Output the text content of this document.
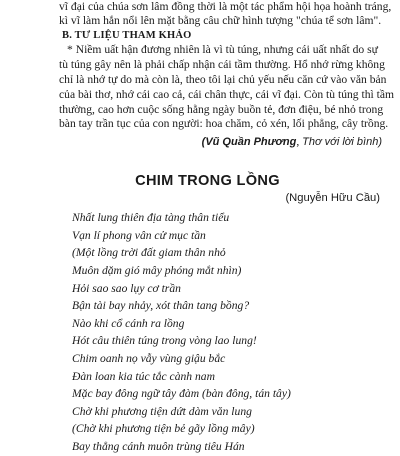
vĩ đại của chúa sơn lâm đồng thời là một tác phẩm hội họa hoành tráng,
kì vĩ làm hắn nổi lên mặt bằng câu chữ hình tượng "chúa tể sơn lâm".
B. TƯ LIỆU THAM KHẢO
* Niềm uất hận đương nhiên là vì tù túng, nhưng cái uất nhất do sự
tù túng gây nên là phải chấp nhận cái tầm thường. Hổ nhớ rừng không
chỉ là nhớ tự do mà còn là, theo tôi lại chủ yếu nếu căn cứ vào văn bản
của bài thơ, nhớ cái cao cả, cái chân thực, cái vĩ đại. Còn tù túng thì tầm
thường, cao hơn cuộc sống hằng ngày buồn tẻ, đơn điệu, bé nhỏ trong
bàn tay trần tục của con người: hoa chăm, cỏ xén, lối phẳng, cây trồng.
(Vũ Quần Phương, Thơ với lời bình)
CHIM TRONG LỒNG
(Nguyễn Hữu Cầu)
Nhất lung thiên địa tàng thân tiểu
Vạn lí phong vân cử mục tần
(Một lồng trời đất giam thân nhỏ
Muôn dặm gió mây phóng mắt nhìn)
Hỏi sao sao lụy cơ trần
Bận tài bay nhảy, xót thân tang bồng?
Nào khi cổ cánh ra lồng
Hót câu thiên túng trong vòng lao lung!
Chim oanh nọ vẫy vùng giậu bắc
Đàn loan kia túc tắc cành nam
Mặc bay đông ngữ tây đàm (bàn đông, tán tây)
Chờ khi phương tiện dứt dàm văn lung
(Chờ khi phương tiện bẻ gãy lồng mây)
Bay thẳng cánh muôn trùng tiêu Hán
